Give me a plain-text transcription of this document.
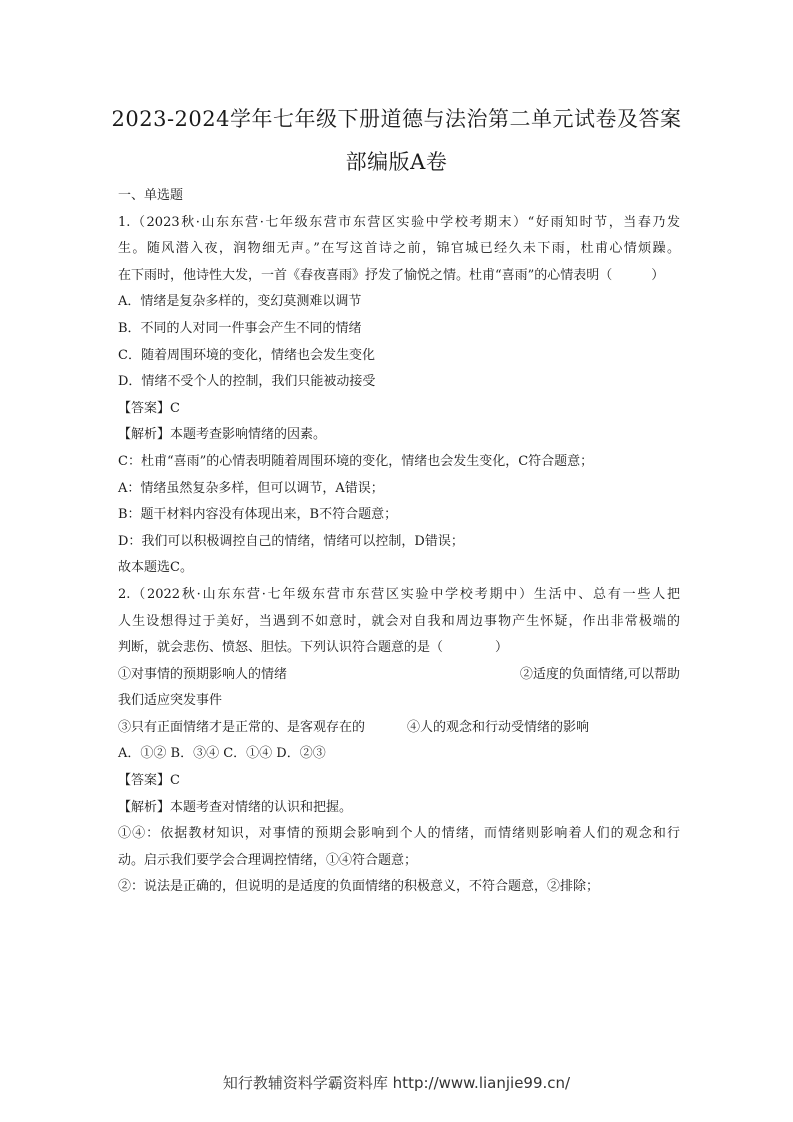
2023-2024学年七年级下册道德与法治第二单元试卷及答案
部编版A卷
一、单选题
1.（2023秋·山东东营·七年级东营市东营区实验中学校考期末）“好雨知时节，当春乃发
生。随风潜入夜，润物细无声。”在写这首诗之前，锦官城已经久未下雨，杜甫心情烦躁。
在下雨时，他诗性大发，一首《春夜喜雨》抒发了愉悦之情。杜甫“喜雨”的心情表明（　　　）
A．情绪是复杂多样的，变幻莫测难以调节
B．不同的人对同一件事会产生不同的情绪
C．随着周围环境的变化，情绪也会发生变化
D．情绪不受个人的控制，我们只能被动接受
【答案】C
【解析】本题考查影响情绪的因素。
C：杜甫“喜雨”的心情表明随着周围环境的变化，情绪也会发生变化，C符合题意；
A：情绪虽然复杂多样，但可以调节，A错误；
B：题干材料内容没有体现出来，B不符合题意；
D：我们可以积极调控自己的情绪，情绪可以控制，D错误；
故本题选C。
2.（2022秋·山东东营·七年级东营市东营区实验中学校考期中）生活中、总有一些人把
人生设想得过于美好，当遇到不如意时，就会对自我和周边事物产生怀疑，作出非常极端的
判断，就会悲伤、愤怒、胆怯。下列认识符合题意的是（　　　　）
①对事情的预期影响人的情绪	②适度的负面情绪,可以帮助
我们适应突发事件
③只有正面情绪才是正常的、是客观存在的	④人的观念和行动受情绪的影响
A．①② B．③④ C．①④ D．②③
【答案】C
【解析】本题考查对情绪的认识和把握。
①④：依据教材知识，对事情的预期会影响到个人的情绪，而情绪则影响着人们的观念和行
动。启示我们要学会合理调控情绪，①④符合题意；
②：说法是正确的，但说明的是适度的负面情绪的积极意义，不符合题意，②排除；
知行教辅资料学霸资料库 http://www.lianjie99.cn/
